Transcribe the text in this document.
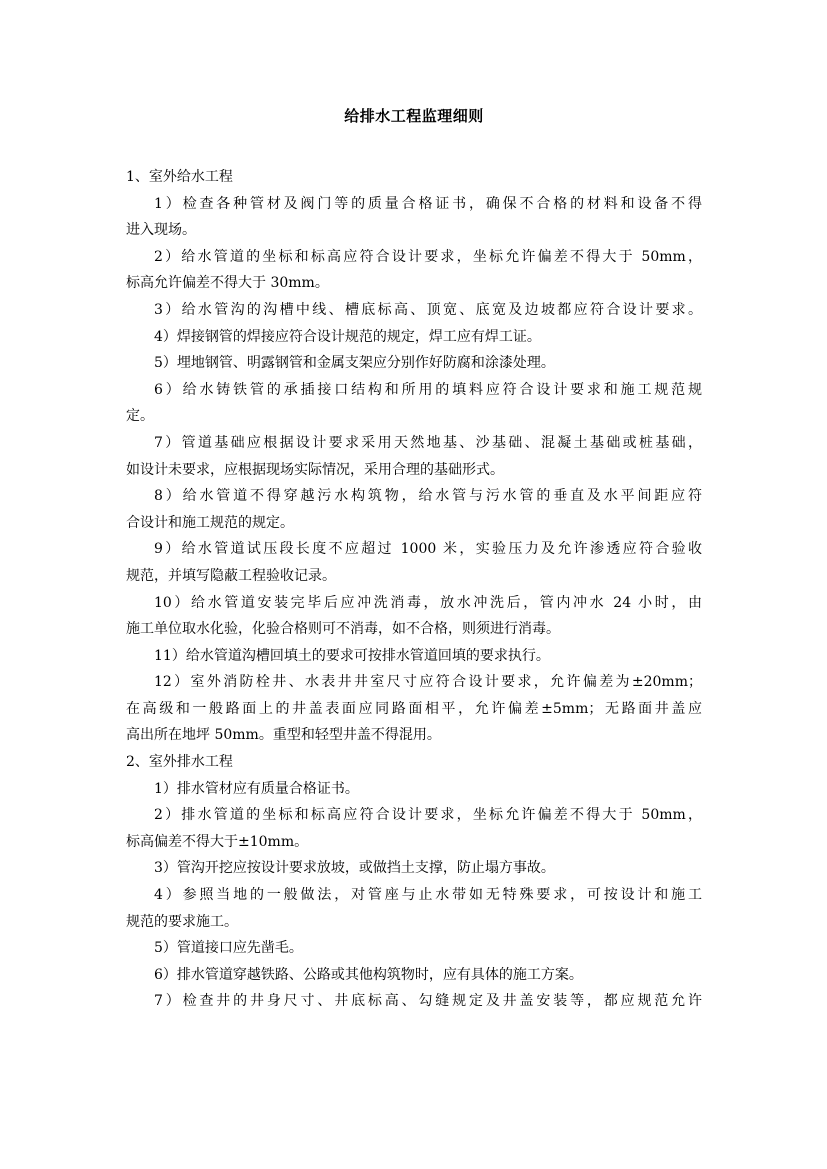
给排水工程监理细则

1、室外给水工程

1）检查各种管材及阀门等的质量合格证书，确保不合格的材料和设备不得

进入现场。

2）给水管道的坐标和标高应符合设计要求，坐标允许偏差不得大于 50mm，

标高允许偏差不得大于 30mm。

3）给水管沟的沟槽中线、槽底标高、顶宽、底宽及边坡都应符合设计要求。

4）焊接钢管的焊接应符合设计规范的规定，焊工应有焊工证。

5）埋地钢管、明露钢管和金属支架应分别作好防腐和涂漆处理。

6）给水铸铁管的承插接口结构和所用的填料应符合设计要求和施工规范规

定。

7）管道基础应根据设计要求采用天然地基、沙基础、混凝土基础或桩基础，

如设计未要求，应根据现场实际情况，采用合理的基础形式。

8）给水管道不得穿越污水构筑物，给水管与污水管的垂直及水平间距应符

合设计和施工规范的规定。

9）给水管道试压段长度不应超过 1000 米，实验压力及允许渗透应符合验收

规范，并填写隐蔽工程验收记录。

10）给水管道安装完毕后应冲洗消毒，放水冲洗后，管内冲水 24 小时，由

施工单位取水化验，化验合格则可不消毒，如不合格，则须进行消毒。

11）给水管道沟槽回填土的要求可按排水管道回填的要求执行。

12）室外消防栓井、水表井井室尺寸应符合设计要求，允许偏差为±20mm；

在高级和一般路面上的井盖表面应同路面相平，允许偏差±5mm；无路面井盖应

高出所在地坪 50mm。重型和轻型井盖不得混用。

2、室外排水工程

1）排水管材应有质量合格证书。

2）排水管道的坐标和标高应符合设计要求，坐标允许偏差不得大于 50mm，

标高偏差不得大于±10mm。

3）管沟开挖应按设计要求放坡，或做挡土支撑，防止塌方事故。

4）参照当地的一般做法，对管座与止水带如无特殊要求，可按设计和施工

规范的要求施工。

5）管道接口应先凿毛。

6）排水管道穿越铁路、公路或其他构筑物时，应有具体的施工方案。

7）检查井的井身尺寸、井底标高、勾缝规定及井盖安装等，都应规范允许
